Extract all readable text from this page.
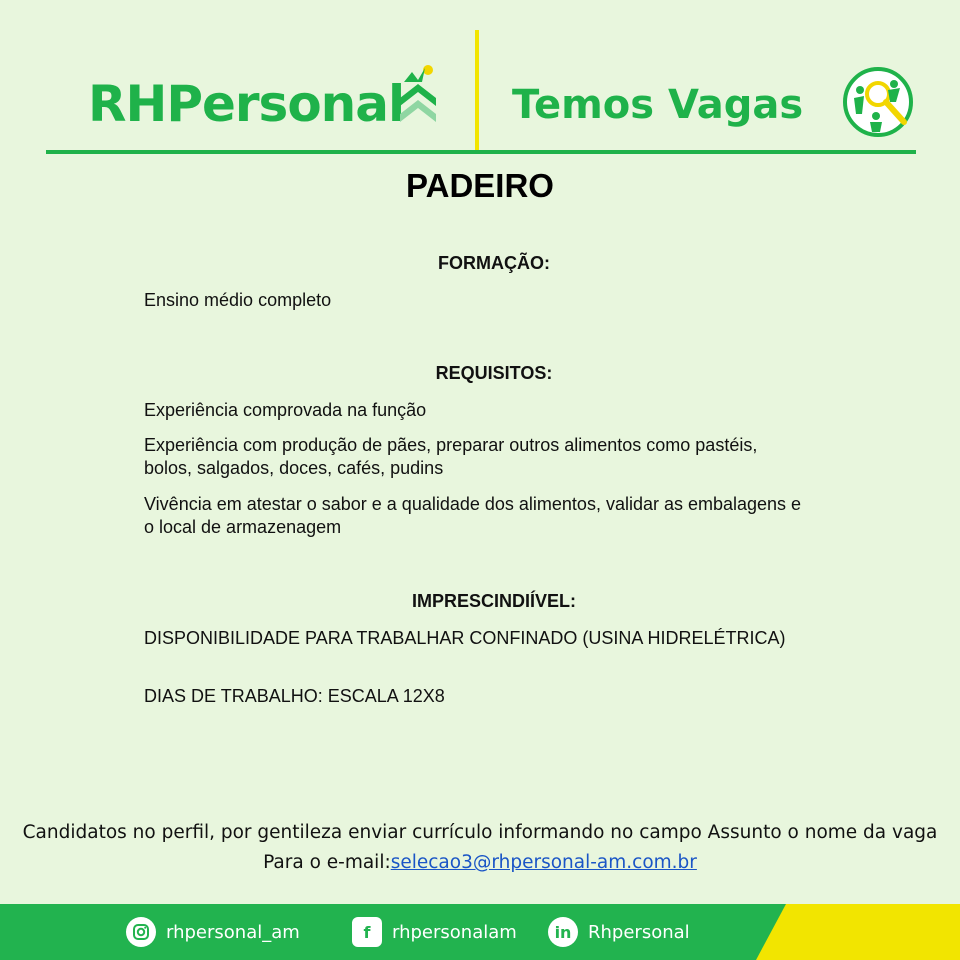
RHPersonal	Temos Vagas
PADEIRO
FORMAÇÃO:
Ensino médio completo
REQUISITOS:
Experiência comprovada na função
Experiência com produção de pães, preparar outros alimentos como pastéis, bolos, salgados, doces, cafés, pudins
Vivência em atestar o sabor e a qualidade dos alimentos, validar as embalagens e o local de armazenagem
IMPRESCINDIÍVEL:
DISPONIBILIDADE PARA TRABALHAR CONFINADO (USINA HIDRELÉTRICA)
DIAS DE TRABALHO: ESCALA 12X8
Candidatos no perfil, por gentileza enviar currículo informando no campo Assunto o nome da vaga Para o e-mail:selecao3@rhpersonal-am.com.br
rhpersonal_am	f	rhpersonalam	in Rhpersonal
